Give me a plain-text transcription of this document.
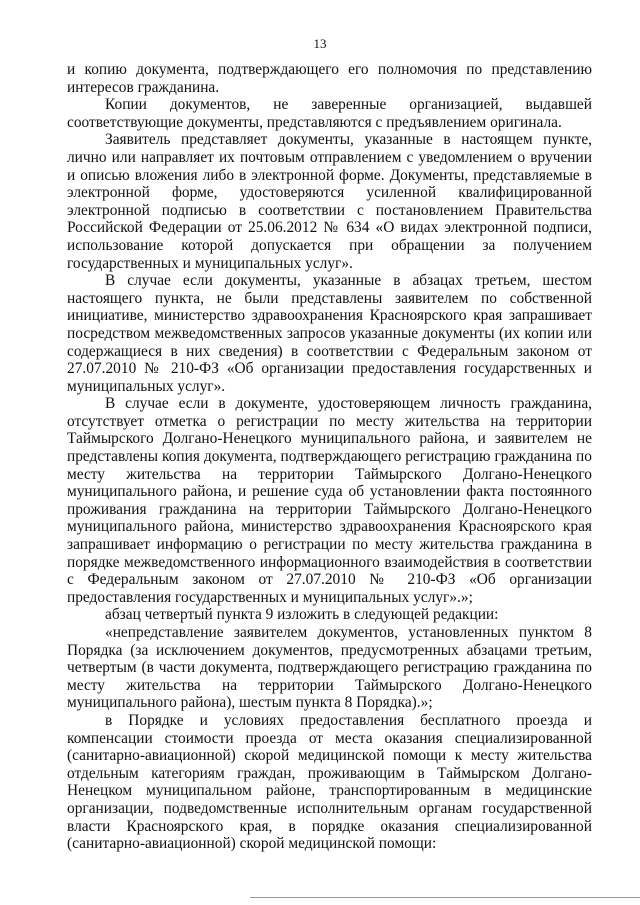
13

и копию документа, подтверждающего его полномочия по представлению интересов гражданина.

Копии документов, не заверенные организацией, выдавшей соответствующие документы, представляются с предъявлением оригинала.

Заявитель представляет документы, указанные в настоящем пункте, лично или направляет их почтовым отправлением с уведомлением о вручении и описью вложения либо в электронной форме. Документы, представляемые в электронной форме, удостоверяются усиленной квалифицированной электронной подписью в соответствии с постановлением Правительства Российской Федерации от 25.06.2012 № 634 «О видах электронной подписи, использование которой допускается при обращении за получением государственных и муниципальных услуг».

В случае если документы, указанные в абзацах третьем, шестом настоящего пункта, не были представлены заявителем по собственной инициативе, министерство здравоохранения Красноярского края запрашивает посредством межведомственных запросов указанные документы (их копии или содержащиеся в них сведения) в соответствии с Федеральным законом от 27.07.2010 № 210-ФЗ «Об организации предоставления государственных и муниципальных услуг».

В случае если в документе, удостоверяющем личность гражданина, отсутствует отметка о регистрации по месту жительства на территории Таймырского Долгано-Ненецкого муниципального района, и заявителем не представлены копия документа, подтверждающего регистрацию гражданина по месту жительства на территории Таймырского Долгано-Ненецкого муниципального района, и решение суда об установлении факта постоянного проживания гражданина на территории Таймырского Долгано-Ненецкого муниципального района, министерство здравоохранения Красноярского края запрашивает информацию о регистрации по месту жительства гражданина в порядке межведомственного информационного взаимодействия в соответствии с Федеральным законом от 27.07.2010 № 210-ФЗ «Об организации предоставления государственных и муниципальных услуг».»;

абзац четвертый пункта 9 изложить в следующей редакции:

«непредставление заявителем документов, установленных пунктом 8 Порядка (за исключением документов, предусмотренных абзацами третьим, четвертым (в части документа, подтверждающего регистрацию гражданина по месту жительства на территории Таймырского Долгано-Ненецкого муниципального района), шестым пункта 8 Порядка).»;

в Порядке и условиях предоставления бесплатного проезда и компенсации стоимости проезда от места оказания специализированной (санитарно-авиационной) скорой медицинской помощи к месту жительства отдельным категориям граждан, проживающим в Таймырском Долгано-Ненецком муниципальном районе, транспортированным в медицинские организации, подведомственные исполнительным органам государственной власти Красноярского края, в порядке оказания специализированной (санитарно-авиационной) скорой медицинской помощи:
